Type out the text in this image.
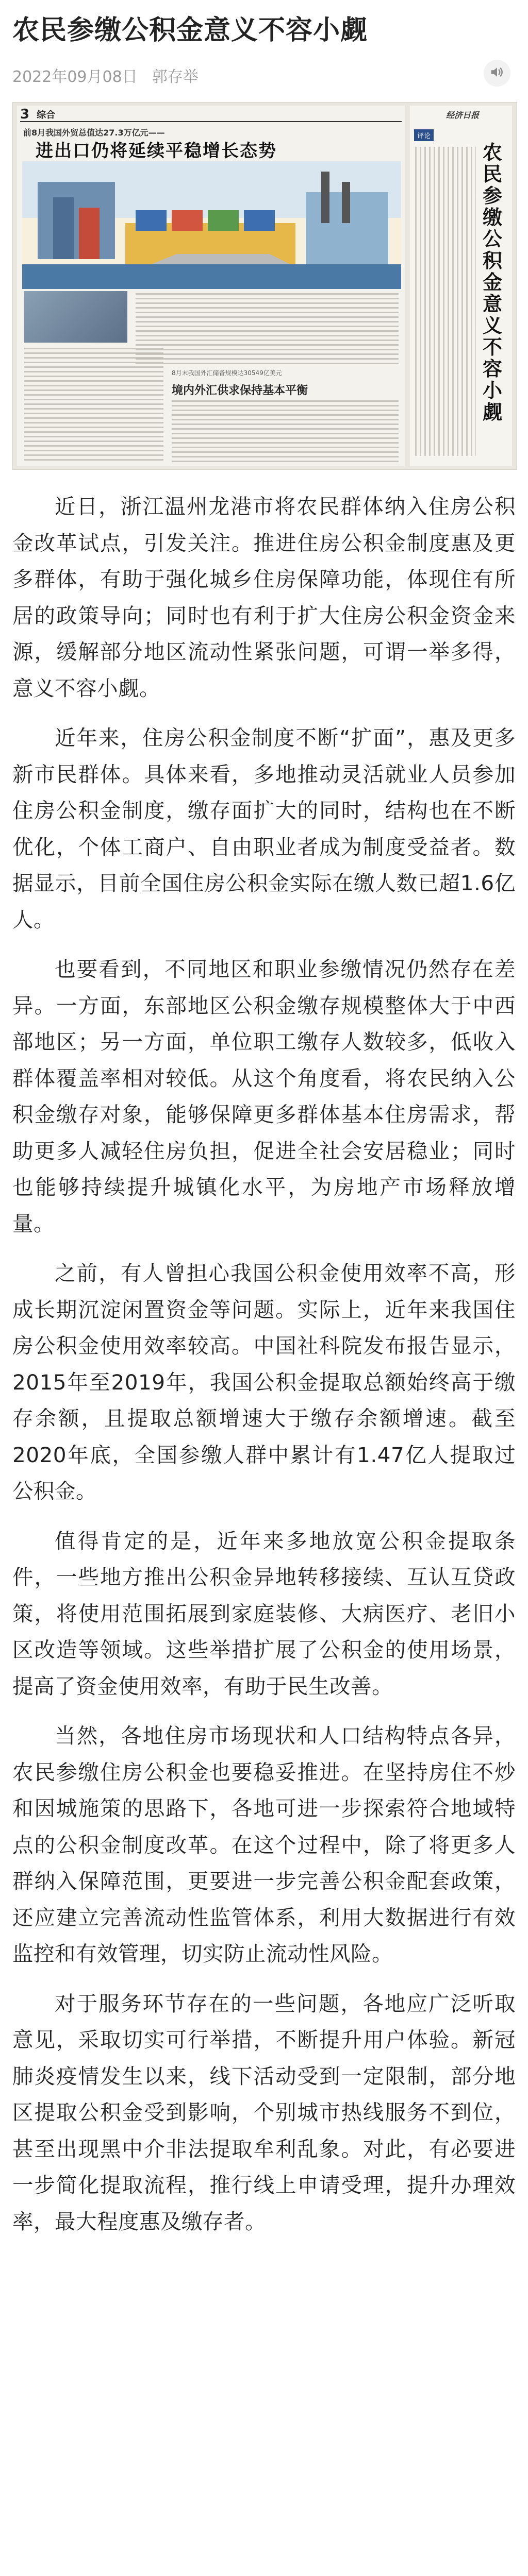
农民参缴公积金意义不容小觑
2022年09月08日 郭存举
3 综合
前8月我国外贸总值达27.3万亿元——
进出口仍将延续平稳增长态势
8月末我国外汇储备规模达30549亿美元
境内外汇供求保持基本平衡
经济日报
评论
农民参缴公积金意义不容小觑

近日，浙江温州龙港市将农民群体纳入住房公积金改革试点，引发关注。推进住房公积金制度惠及更多群体，有助于强化城乡住房保障功能，体现住有所居的政策导向；同时也有利于扩大住房公积金资金来源，缓解部分地区流动性紧张问题，可谓一举多得，意义不容小觑。

近年来，住房公积金制度不断“扩面”，惠及更多新市民群体。具体来看，多地推动灵活就业人员参加住房公积金制度，缴存面扩大的同时，结构也在不断优化，个体工商户、自由职业者成为制度受益者。数据显示，目前全国住房公积金实际在缴人数已超1.6亿人。

也要看到，不同地区和职业参缴情况仍然存在差异。一方面，东部地区公积金缴存规模整体大于中西部地区；另一方面，单位职工缴存人数较多，低收入群体覆盖率相对较低。从这个角度看，将农民纳入公积金缴存对象，能够保障更多群体基本住房需求，帮助更多人减轻住房负担，促进全社会安居稳业；同时也能够持续提升城镇化水平，为房地产市场释放增量。

之前，有人曾担心我国公积金使用效率不高，形成长期沉淀闲置资金等问题。实际上，近年来我国住房公积金使用效率较高。中国社科院发布报告显示，2015年至2019年，我国公积金提取总额始终高于缴存余额，且提取总额增速大于缴存余额增速。截至2020年底，全国参缴人群中累计有1.47亿人提取过公积金。

值得肯定的是，近年来多地放宽公积金提取条件，一些地方推出公积金异地转移接续、互认互贷政策，将使用范围拓展到家庭装修、大病医疗、老旧小区改造等领域。这些举措扩展了公积金的使用场景，提高了资金使用效率，有助于民生改善。

当然，各地住房市场现状和人口结构特点各异，农民参缴住房公积金也要稳妥推进。在坚持房住不炒和因城施策的思路下，各地可进一步探索符合地域特点的公积金制度改革。在这个过程中，除了将更多人群纳入保障范围，更要进一步完善公积金配套政策，还应建立完善流动性监管体系，利用大数据进行有效监控和有效管理，切实防止流动性风险。

对于服务环节存在的一些问题，各地应广泛听取意见，采取切实可行举措，不断提升用户体验。新冠肺炎疫情发生以来，线下活动受到一定限制，部分地区提取公积金受到影响，个别城市热线服务不到位，甚至出现黑中介非法提取牟利乱象。对此，有必要进一步简化提取流程，推行线上申请受理，提升办理效率，最大程度惠及缴存者。
